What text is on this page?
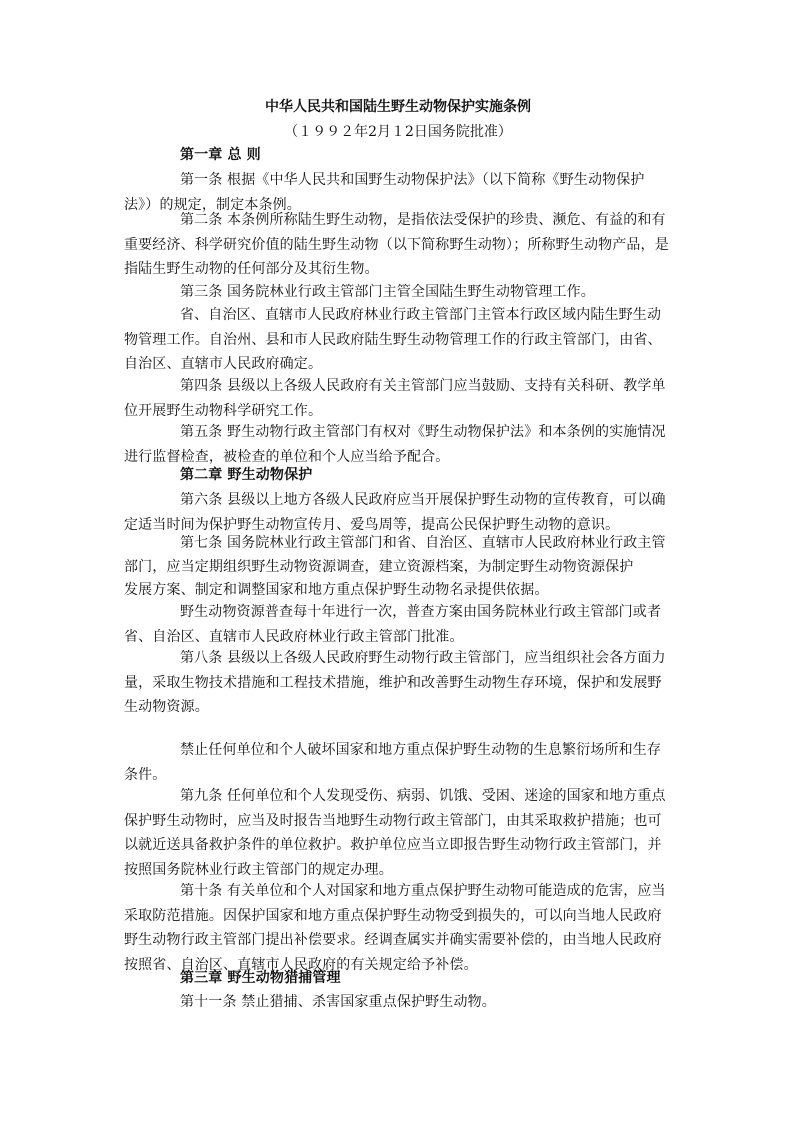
中华人民共和国陆生野生动物保护实施条例
（１９９２年2月１2日国务院批准）

第一章 总 则

第一条 根据《中华人民共和国野生动物保护法》（以下简称《野生动物保护法》）的规定，制定本条例。

第二条 本条例所称陆生野生动物，是指依法受保护的珍贵、濒危、有益的和有重要经济、科学研究价值的陆生野生动物（以下简称野生动物）；所称野生动物产品，是指陆生野生动物的任何部分及其衍生物。

第三条 国务院林业行政主管部门主管全国陆生野生动物管理工作。

省、自治区、直辖市人民政府林业行政主管部门主管本行政区域内陆生野生动物管理工作。自治州、县和市人民政府陆生野生动物管理工作的行政主管部门，由省、自治区、直辖市人民政府确定。

第四条 县级以上各级人民政府有关主管部门应当鼓励、支持有关科研、教学单位开展野生动物科学研究工作。

第五条 野生动物行政主管部门有权对《野生动物保护法》和本条例的实施情况进行监督检查，被检查的单位和个人应当给予配合。

第二章 野生动物保护

第六条 县级以上地方各级人民政府应当开展保护野生动物的宣传教育，可以确定适当时间为保护野生动物宣传月、爱鸟周等，提高公民保护野生动物的意识。

第七条 国务院林业行政主管部门和省、自治区、直辖市人民政府林业行政主管

部门，应当定期组织野生动物资源调查，建立资源档案，为制定野生动物资源保护

发展方案、制定和调整国家和地方重点保护野生动物名录提供依据。

野生动物资源普查每十年进行一次，普查方案由国务院林业行政主管部门或者省、自治区、直辖市人民政府林业行政主管部门批准。

第八条 县级以上各级人民政府野生动物行政主管部门，应当组织社会各方面力量，采取生物技术措施和工程技术措施，维护和改善野生动物生存环境，保护和发展野生动物资源。

禁止任何单位和个人破坏国家和地方重点保护野生动物的生息繁衍场所和生存条件。

第九条 任何单位和个人发现受伤、病弱、饥饿、受困、迷途的国家和地方重点保护野生动物时，应当及时报告当地野生动物行政主管部门，由其采取救护措施；也可以就近送具备救护条件的单位救护。救护单位应当立即报告野生动物行政主管部门，并按照国务院林业行政主管部门的规定办理。

第十条 有关单位和个人对国家和地方重点保护野生动物可能造成的危害，应当采取防范措施。因保护国家和地方重点保护野生动物受到损失的，可以向当地人民政府野生动物行政主管部门提出补偿要求。经调查属实并确实需要补偿的，由当地人民政府按照省、自治区、直辖市人民政府的有关规定给予补偿。

第三章 野生动物猎捕管理

第十一条 禁止猎捕、杀害国家重点保护野生动物。
